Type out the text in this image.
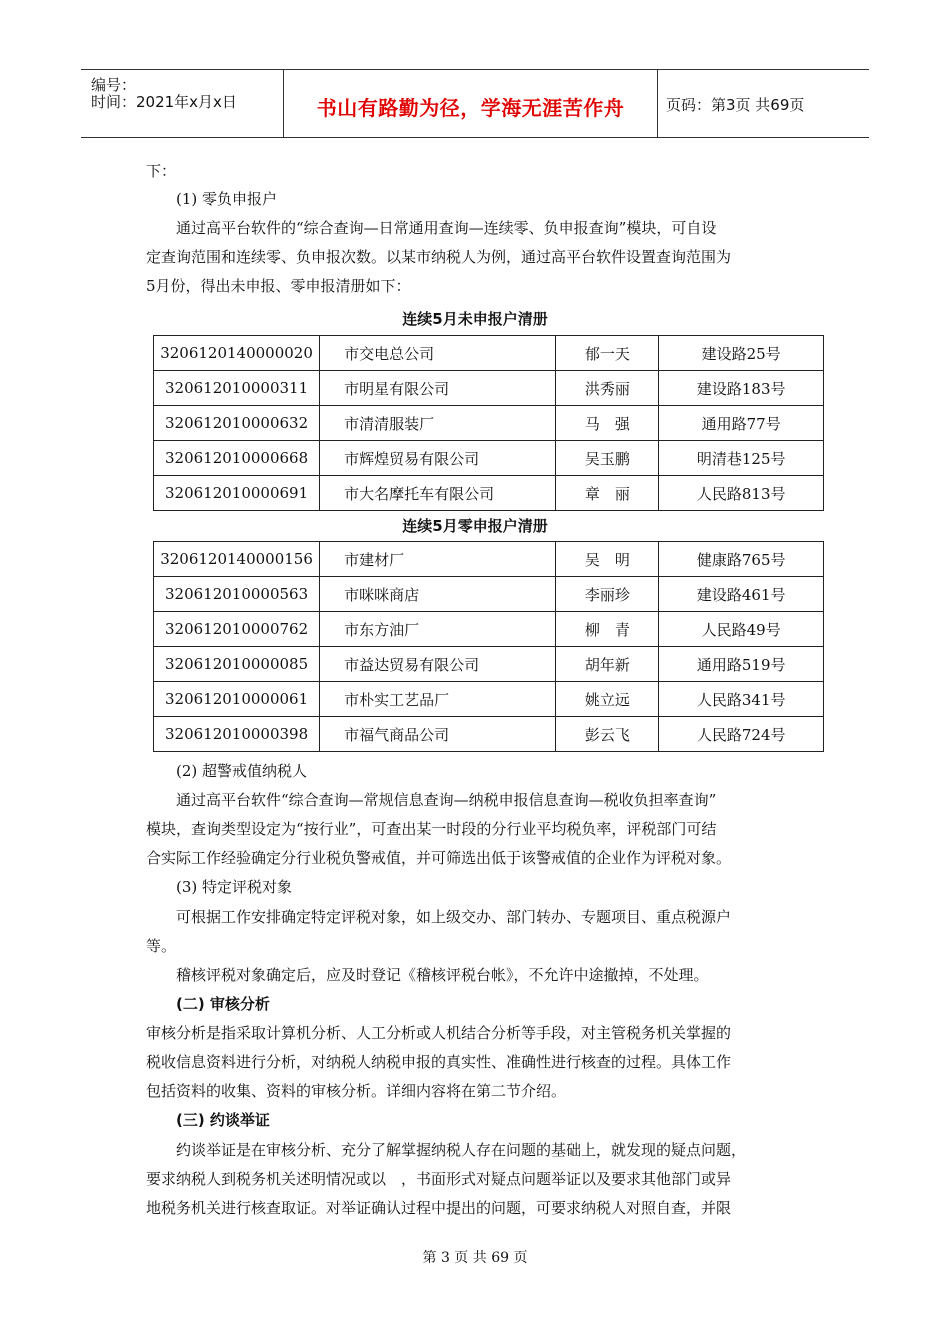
编号：
时间：2021年x月x日	书山有路勤为径，学海无涯苦作舟	页码：第3页 共69页
下：
(1) 零负申报户
通过高平台软件的“综合查询—日常通用查询—连续零、负申报查询”模块，可自设
定查询范围和连续零、负申报次数。以某市纳税人为例，通过高平台软件设置查询范围为
5月份，得出未申报、零申报清册如下：
连续5月未申报户清册
3206120140000020	市交电总公司	郁一天	建设路25号
320612010000311	市明星有限公司	洪秀丽	建设路183号
320612010000632	市清清服装厂	马　强	通用路77号
320612010000668	市辉煌贸易有限公司	吴玉鹏	明清巷125号
320612010000691	市大名摩托车有限公司	章　丽	人民路813号
连续5月零申报户清册
3206120140000156	市建材厂	吴　明	健康路765号
320612010000563	市咪咪商店	李丽珍	建设路461号
320612010000762	市东方油厂	柳　青	人民路49号
320612010000085	市益达贸易有限公司	胡年新	通用路519号
320612010000061	市朴实工艺品厂	姚立远	人民路341号
320612010000398	市福气商品公司	彭云飞	人民路724号
(2) 超警戒值纳税人
通过高平台软件“综合查询—常规信息查询—纳税申报信息查询—税收负担率查询”
模块，查询类型设定为“按行业”，可查出某一时段的分行业平均税负率，评税部门可结
合实际工作经验确定分行业税负警戒值，并可筛选出低于该警戒值的企业作为评税对象。
(3) 特定评税对象
可根据工作安排确定特定评税对象，如上级交办、部门转办、专题项目、重点税源户
等。
稽核评税对象确定后，应及时登记《稽核评税台帐》，不允许中途撤掉，不处理。
(二) 审核分析
审核分析是指采取计算机分析、人工分析或人机结合分析等手段，对主管税务机关掌握的
税收信息资料进行分析，对纳税人纳税申报的真实性、准确性进行核查的过程。具体工作
包括资料的收集、资料的审核分析。详细内容将在第二节介绍。
(三) 约谈举证
约谈举证是在审核分析、充分了解掌握纳税人存在问题的基础上，就发现的疑点问题，
要求纳税人到税务机关述明情况或以　，书面形式对疑点问题举证以及要求其他部门或异
地税务机关进行核查取证。对举证确认过程中提出的问题，可要求纳税人对照自查，并限
第 3 页 共 69 页
